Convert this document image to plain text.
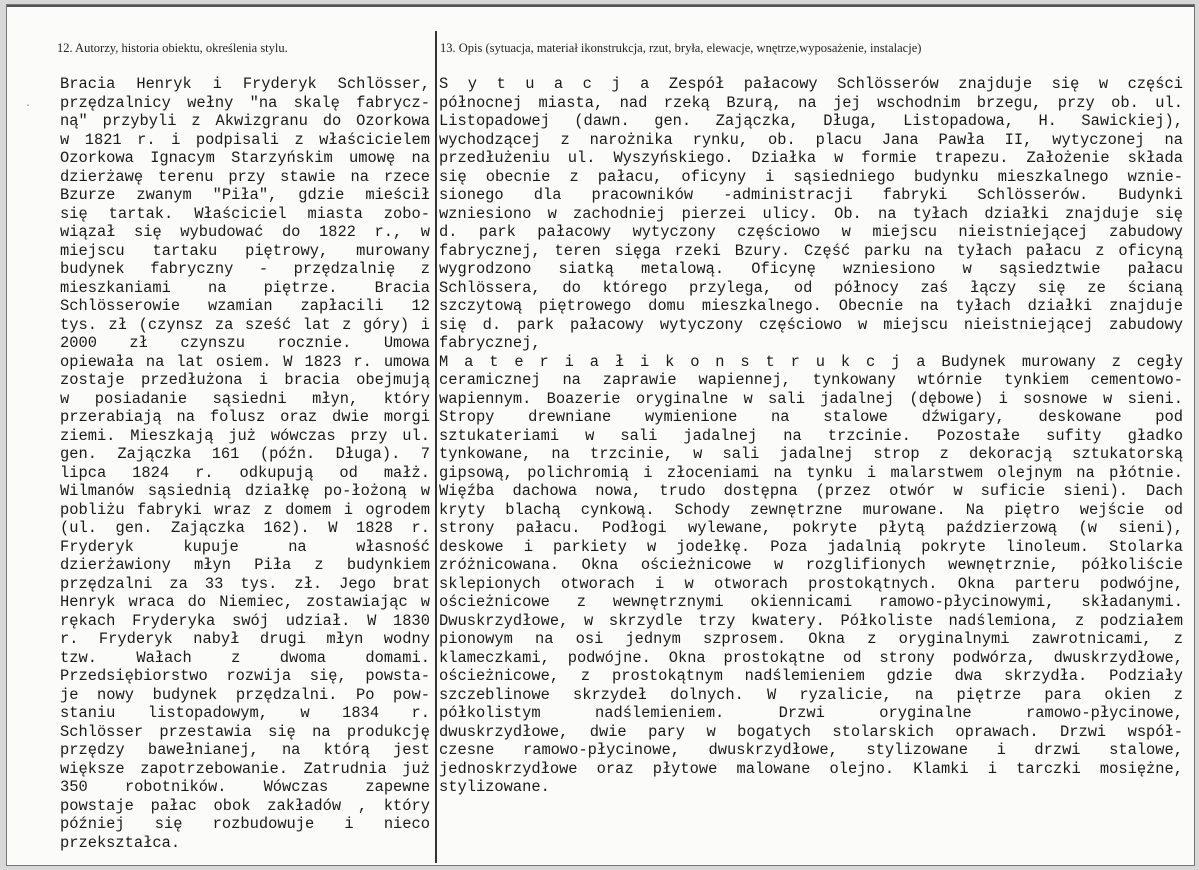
·
12. Autorzy, historia obiektu, określenia stylu.	13. Opis (sytuacja, materiał ikonstrukcja, rzut, bryła, elewacje, wnętrze,wyposażenie, instalacje)
Bracia Henryk i Fryderyk Schlösser,
przędzalnicy wełny "na skalę fabrycz-
ną" przybyli z Akwizgranu do Ozorkowa
w 1821 r. i podpisali z właścicielem
Ozorkowa Ignacym Starzyńskim umowę na
dzierżawę terenu przy stawie na rzece
Bzurze zwanym "Piła", gdzie mieścił
się tartak. Właściciel miasta zobo-
wiązał się wybudować do 1822 r., w
miejscu tartaku piętrowy, murowany
budynek fabryczny - przędzalnię z
mieszkaniami na piętrze. Bracia
Schlösserowie wzamian zapłacili 12
tys. zł (czynsz za sześć lat z góry) i
2000 zł czynszu rocznie. Umowa
opiewała na lat osiem. W 1823 r. umowa
zostaje przedłużona i bracia obejmują
w posiadanie sąsiedni młyn, który
przerabiają na folusz oraz dwie morgi
ziemi. Mieszkają już wówczas przy ul.
gen. Zajączka 161 (późn. Długa). 7
lipca 1824 r. odkupują od małż.
Wilmanów sąsiednią działkę po-łożoną w
pobliżu fabryki wraz z domem i ogrodem
(ul. gen. Zajączka 162). W 1828 r.
Fryderyk kupuje na własność
dzierżawiony młyn Piła z budynkiem
przędzalni za 33 tys. zł. Jego brat
Henryk wraca do Niemiec, zostawiając w
rękach Fryderyka swój udział. W 1830
r. Fryderyk nabył drugi młyn wodny
tzw. Wałach z dwoma domami.
Przedsiębiorstwo rozwija się, powsta-
je nowy budynek przędzalni. Po pow-
staniu listopadowym, w 1834 r.
Schlösser przestawia się na produkcję
przędzy bawełnianej, na którą jest
większe zapotrzebowanie. Zatrudnia już
350 robotników. Wówczas zapewne
powstaje pałac obok zakładów , który
później się rozbudowuje i nieco
przekształca.
S y t u a c j a Zespół pałacowy Schlösserów znajduje się w części
północnej miasta, nad rzeką Bzurą, na jej wschodnim brzegu, przy ob. ul.
Listopadowej (dawn. gen. Zajączka, Długa, Listopadowa, H. Sawickiej),
wychodzącej z narożnika rynku, ob. placu Jana Pawła II, wytyczonej na
przedłużeniu ul. Wyszyńskiego. Działka w formie trapezu. Założenie składa
się obecnie z pałacu, oficyny i sąsiedniego budynku mieszkalnego wznie-
sionego dla pracowników -administracji fabryki Schlösserów. Budynki
wzniesiono w zachodniej pierzei ulicy. Ob. na tyłach działki znajduje się
d. park pałacowy wytyczony częściowo w miejscu nieistniejącej zabudowy
fabrycznej, teren sięga rzeki Bzury. Część parku na tyłach pałacu z oficyną
wygrodzono siatką metalową. Oficynę wzniesiono w sąsiedztwie pałacu
Schlössera, do którego przylega, od północy zaś łączy się ze ścianą
szczytową piętrowego domu mieszkalnego. Obecnie na tyłach działki znajduje
się d. park pałacowy wytyczony częściowo w miejscu nieistniejącej zabudowy
fabrycznej,
M a t e r i a ł i k o n s t r u k c j a Budynek murowany z cegły
ceramicznej na zaprawie wapiennej, tynkowany wtórnie tynkiem cementowo-
wapiennym. Boazerie oryginalne w sali jadalnej (dębowe) i sosnowe w sieni.
Stropy drewniane wymienione na stalowe dźwigary, deskowane pod
sztukateriami w sali jadalnej na trzcinie. Pozostałe sufity gładko
tynkowane, na trzcinie, w sali jadalnej strop z dekoracją sztukatorską
gipsową, polichromią i złoceniami na tynku i malarstwem olejnym na płótnie.
Więźba dachowa nowa, trudo dostępna (przez otwór w suficie sieni). Dach
kryty blachą cynkową. Schody zewnętrzne murowane. Na piętro wejście od
strony pałacu. Podłogi wylewane, pokryte płytą paździerzową (w sieni),
deskowe i parkiety w jodełkę. Poza jadalnią pokryte linoleum. Stolarka
zróżnicowana. Okna ościeżnicowe w rozglifionych wewnętrznie, półkoliście
sklepionych otworach i w otworach prostokątnych. Okna parteru podwójne,
ościeżnicowe z wewnętrznymi okiennicami ramowo-płycinowymi, składanymi.
Dwuskrzydłowe, w skrzydle trzy kwatery. Półkoliste nadślemiona, z podziałem
pionowym na osi jednym szprosem. Okna z oryginalnymi zawrotnicami, z
klameczkami, podwójne. Okna prostokątne od strony podwórza, dwuskrzydłowe,
ościeżnicowe, z prostokątnym nadślemieniem gdzie dwa skrzydła. Podziały
szczeblinowe skrzydeł dolnych. W ryzalicie, na piętrze para okien z
półkolistym nadślemieniem. Drzwi oryginalne ramowo-płycinowe,
dwuskrzydłowe, dwie pary w bogatych stolarskich oprawach. Drzwi współ-
czesne ramowo-płycinowe, dwuskrzydłowe, stylizowane i drzwi stalowe,
jednoskrzydłowe oraz płytowe malowane olejno. Klamki i tarczki mosiężne,
stylizowane.
